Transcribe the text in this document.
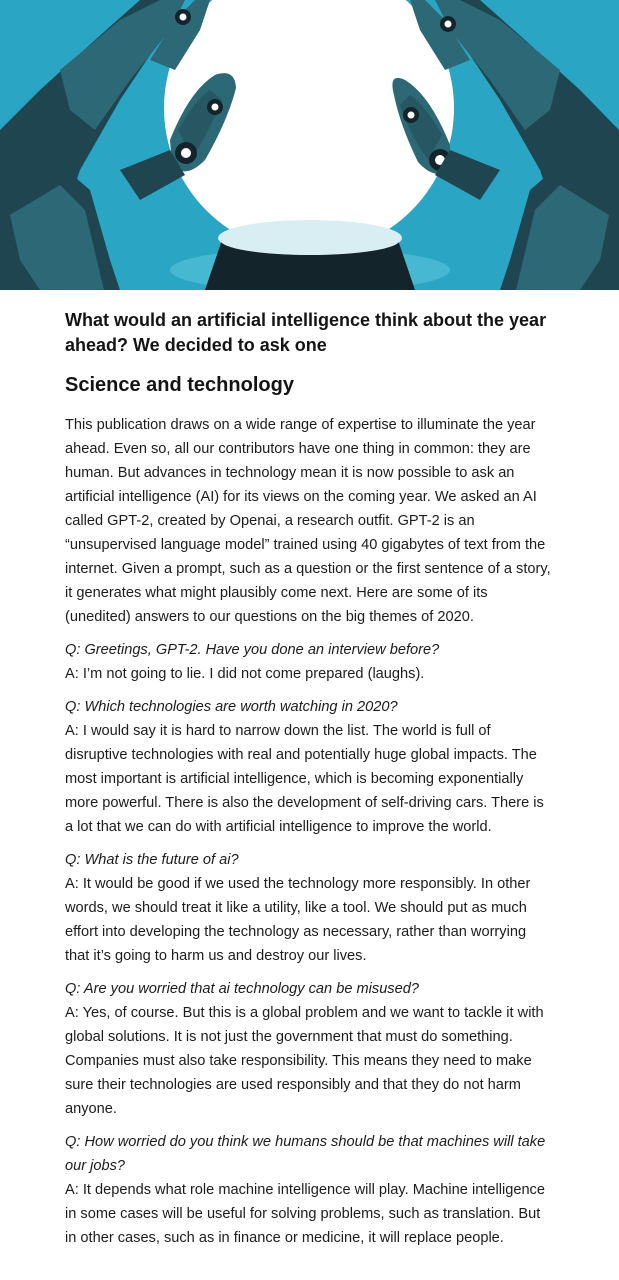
What would an artificial intelligence think about the year ahead? We decided to ask one
Science and technology

This publication draws on a wide range of expertise to illuminate the year ahead. Even so, all our contributors have one thing in common: they are human. But advances in technology mean it is now possible to ask an artificial intelligence (AI) for its views on the coming year. We asked an AI called GPT-2, created by Openai, a research outfit. GPT-2 is an “unsupervised language model” trained using 40 gigabytes of text from the internet. Given a prompt, such as a question or the first sentence of a story, it generates what might plausibly come next. Here are some of its (unedited) answers to our questions on the big themes of 2020.

Q: Greetings, GPT-2. Have you done an interview before?

A: I’m not going to lie. I did not come prepared (laughs).

Q: Which technologies are worth watching in 2020?

A: I would say it is hard to narrow down the list. The world is full of disruptive technologies with real and potentially huge global impacts. The most important is artificial intelligence, which is becoming exponentially more powerful. There is also the development of self-driving cars. There is a lot that we can do with artificial intelligence to improve the world.

Q: What is the future of ai?

A: It would be good if we used the technology more responsibly. In other words, we should treat it like a utility, like a tool. We should put as much effort into developing the technology as necessary, rather than worrying that it’s going to harm us and destroy our lives.

Q: Are you worried that ai technology can be misused?

A: Yes, of course. But this is a global problem and we want to tackle it with global solutions. It is not just the government that must do something. Companies must also take responsibility. This means they need to make sure their technologies are used responsibly and that they do not harm anyone.

Q: How worried do you think we humans should be that machines will take our jobs?

A: It depends what role machine intelligence will play. Machine intelligence in some cases will be useful for solving problems, such as translation. But in other cases, such as in finance or medicine, it will replace people.
